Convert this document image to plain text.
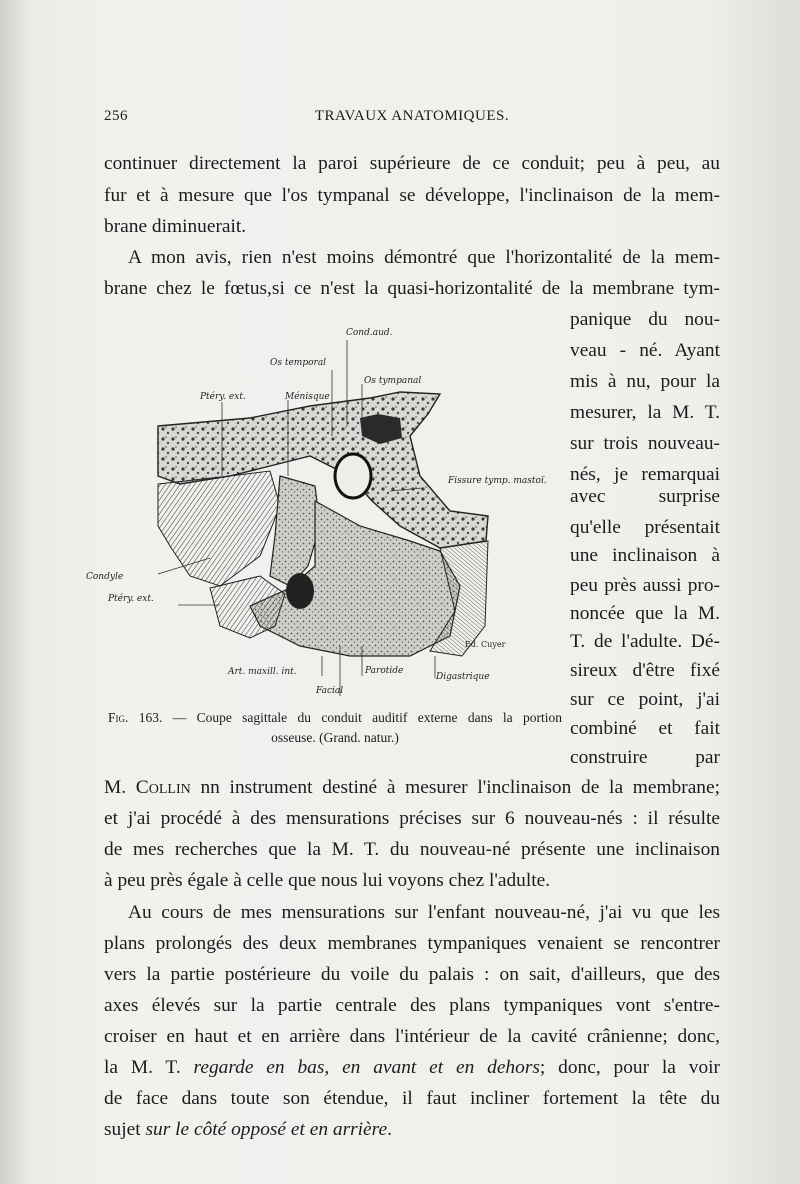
256	TRAVAUX ANATOMIQUES.
continuer directement la paroi supérieure de ce conduit; peu à peu, au
fur et à mesure que l'os tympanal se développe, l'inclinaison de la mem-
brane diminuerait.
A mon avis, rien n'est moins démontré que l'horizontalité de la mem-
brane chez le fœtus,si ce n'est la quasi-horizontalité de la membrane tym-
panique du nou-
veau - né. Ayant
mis à nu, pour la
mesurer, la M. T.
sur trois nouveau-
nés, je remarquai
avec surprise
qu'elle présentait
une inclinaison à
peu près aussi pro-
noncée que la M.
T. de l'adulte. Dé-
sireux d'être fixé
sur ce point, j'ai
combiné et fait
construire par
M. Collin nn instrument destiné à mesurer l'inclinaison de la membrane;
et j'ai procédé à des mensurations précises sur 6 nouveau-nés : il résulte
de mes recherches que la M. T. du nouveau-né présente une inclinaison
à peu près égale à celle que nous lui voyons chez l'adulte.
Au cours de mes mensurations sur l'enfant nouveau-né, j'ai vu que les
plans prolongés des deux membranes tympaniques venaient se rencontrer
vers la partie postérieure du voile du palais : on sait, d'ailleurs, que des
axes élevés sur la partie centrale des plans tympaniques vont s'entre-
croiser en haut et en arrière dans l'intérieur de la cavité crânienne; donc,
la M. T. regarde en bas, en avant et en dehors; donc, pour la voir
de face dans toute son étendue, il faut incliner fortement la tête du
sujet sur le côté opposé et en arrière.
Cond.aud.
Os temporal
Os tympanal
Ptéry. ext.	Ménisque
Fissure tymp. mastoï.
Condyle
Ptéry. ext.
Ed. Cuyer
Art. maxill. int.	Parotide
Digastrique
Facial
Fig. 163. — Coupe sagittale du conduit auditif externe dans la portion
osseuse. (Grand. natur.)
